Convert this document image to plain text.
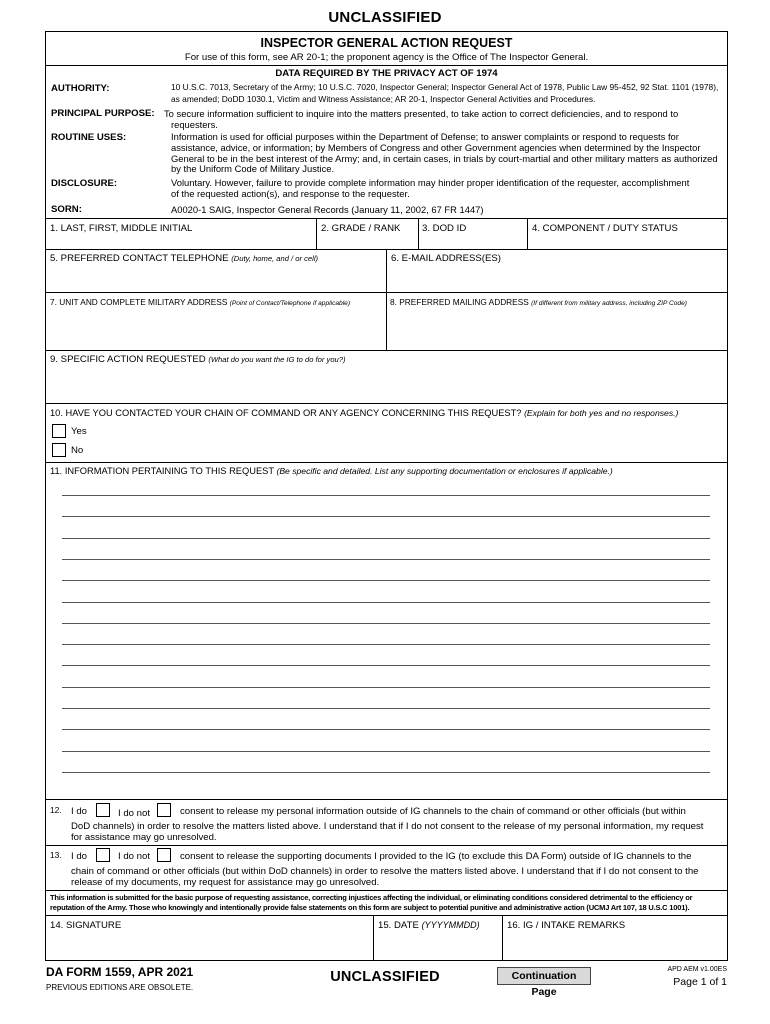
UNCLASSIFIED
INSPECTOR GENERAL ACTION REQUEST
For use of this form, see AR 20-1; the proponent agency is the Office of The Inspector General.
DATA REQUIRED BY THE PRIVACY ACT OF 1974
AUTHORITY:	10 U.S.C. 7013, Secretary of the Army; 10 U.S.C. 7020, Inspector General; Inspector General Act of 1978, Public Law 95-452, 92 Stat. 1101 (1978), as amended; DoDD 1030.1, Victim and Witness Assistance; AR 20-1, Inspector General Activities and Procedures.
PRINCIPAL PURPOSE: To secure information sufficient to inquire into the matters presented, to take action to correct deficiencies, and to respond to requesters.
ROUTINE USES:	Information is used for official purposes within the Department of Defense; to answer complaints or respond to requests for assistance, advice, or information; by Members of Congress and other Government agencies when determined by the Inspector General to be in the best interest of the Army; and, in certain cases, in trials by court-martial and other military matters as authorized by the Uniform Code of Military Justice.
DISCLOSURE:	Voluntary. However, failure to provide complete information may hinder proper identification of the requester, accomplishment of the requested action(s), and response to the requester.
SORN:	A0020-1 SAIG, Inspector General Records (January 11, 2002, 67 FR 1447)
1. LAST, FIRST, MIDDLE INITIAL	2. GRADE / RANK 3. DOD ID	4. COMPONENT / DUTY STATUS
5. PREFERRED CONTACT TELEPHONE (Duty, home, and / or cell)	6. E-MAIL ADDRESS(ES)
7. UNIT AND COMPLETE MILITARY ADDRESS (Point of Contact/Telephone if applicable)	8. PREFERRED MAILING ADDRESS (If different from military address, including ZIP Code)
9. SPECIFIC ACTION REQUESTED (What do you want the IG to do for you?)
10. HAVE YOU CONTACTED YOUR CHAIN OF COMMAND OR ANY AGENCY CONCERNING THIS REQUEST? (Explain for both yes and no responses.)
Yes
No
11. INFORMATION PERTAINING TO THIS REQUEST (Be specific and detailed. List any supporting documentation or enclosures if applicable.)
12. I do	I do not	consent to release my personal information outside of IG channels to the chain of command or other officials (but within
DoD channels) in order to resolve the matters listed above. I understand that if I do not consent to the release of my personal information, my request for assistance may go unresolved.
13. I do	I do not	consent to release the supporting documents I provided to the IG (to exclude this DA Form) outside of IG channels to the
chain of command or other officials (but within DoD channels) in order to resolve the matters listed above. I understand that if I do not consent to the release of my documents, my request for assistance may go unresolved.
This information is submitted for the basic purpose of requesting assistance, correcting injustices affecting the individual, or eliminating conditions considered detrimental to the efficiency or reputation of the Army. Those who knowingly and intentionally provide false statements on this form are subject to potential punitive and administrative action (UCMJ Art 107, 18 U.S.C 1001).
14. SIGNATURE	15. DATE (YYYYMMDD)	16. IG / INTAKE REMARKS
DA FORM 1559, APR 2021
PREVIOUS EDITIONS ARE OBSOLETE.
UNCLASSIFIED	Continuation Page
APD AEM v1.00ES
Page 1 of 1
